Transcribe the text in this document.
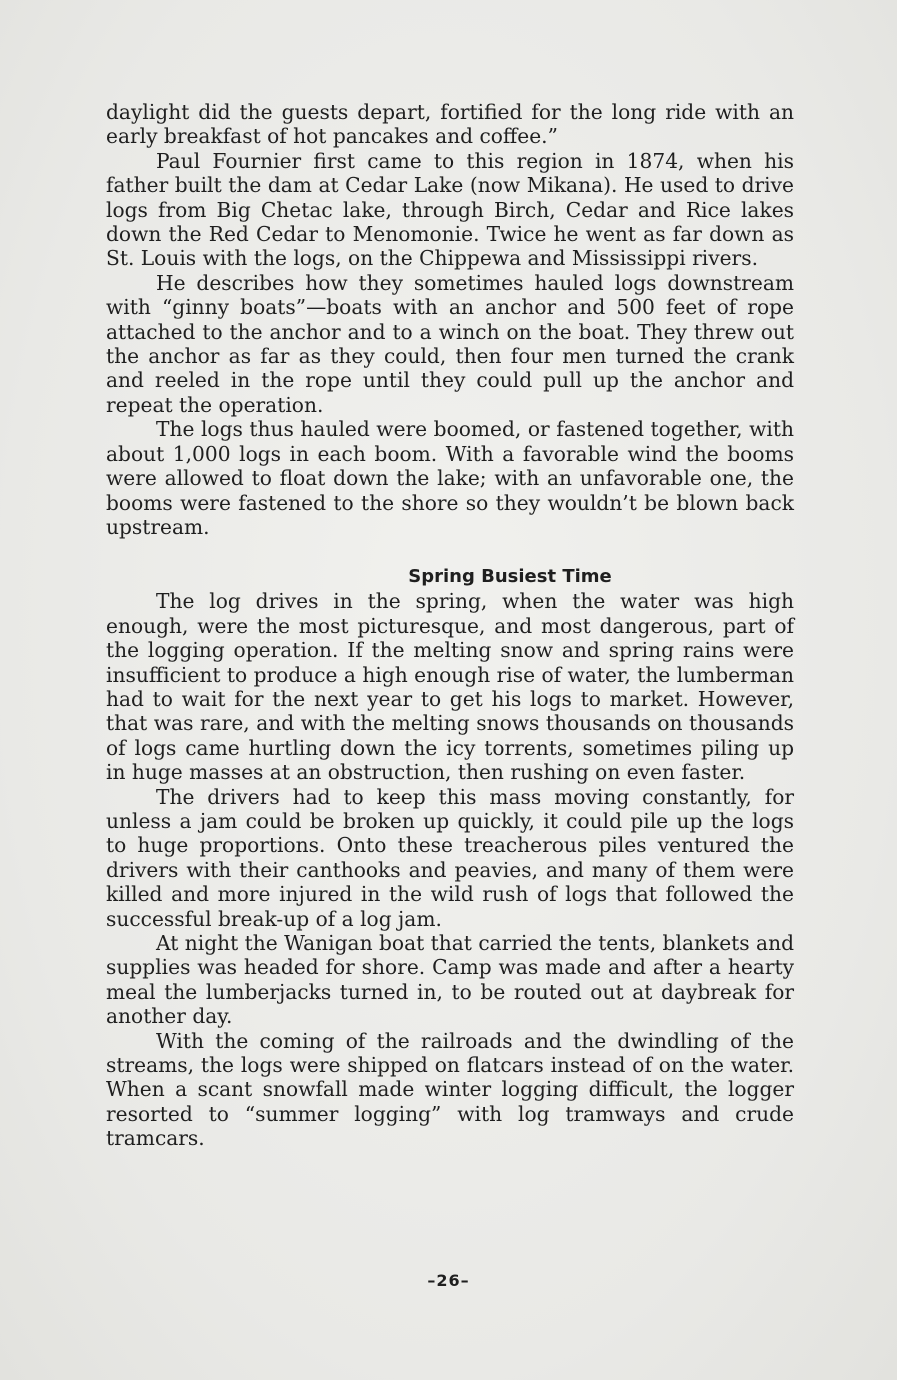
daylight did the guests depart, fortified for the long ride with an early breakfast of hot pancakes and coffee.”

Paul Fournier first came to this region in 1874, when his father built the dam at Cedar Lake (now Mikana). He used to drive logs from Big Chetac lake, through Birch, Cedar and Rice lakes down the Red Cedar to Menomonie. Twice he went as far down as St. Louis with the logs, on the Chippewa and Mississippi rivers.

He describes how they sometimes hauled logs downstream with “ginny boats”—boats with an anchor and 500 feet of rope attached to the anchor and to a winch on the boat. They threw out the anchor as far as they could, then four men turned the crank and reeled in the rope until they could pull up the anchor and repeat the operation.

The logs thus hauled were boomed, or fastened together, with about 1,000 logs in each boom. With a favorable wind the booms were allowed to float down the lake; with an unfavorable one, the booms were fastened to the shore so they wouldn’t be blown back upstream.

Spring Busiest Time

The log drives in the spring, when the water was high enough, were the most picturesque, and most dangerous, part of the logging operation. If the melting snow and spring rains were insufficient to produce a high enough rise of water, the lumberman had to wait for the next year to get his logs to market. However, that was rare, and with the melting snows thousands on thousands of logs came hurtling down the icy torrents, sometimes piling up in huge masses at an obstruction, then rushing on even faster.

The drivers had to keep this mass moving constantly, for unless a jam could be broken up quickly, it could pile up the logs to huge proportions. Onto these treacherous piles ventured the drivers with their canthooks and peavies, and many of them were killed and more injured in the wild rush of logs that followed the successful break-up of a log jam.

At night the Wanigan boat that carried the tents, blankets and supplies was headed for shore. Camp was made and after a hearty meal the lumberjacks turned in, to be routed out at daybreak for another day.

With the coming of the railroads and the dwindling of the streams, the logs were shipped on flatcars instead of on the water. When a scant snowfall made winter logging difficult, the logger resorted to “summer logging” with log tramways and crude tramcars.

–26–
